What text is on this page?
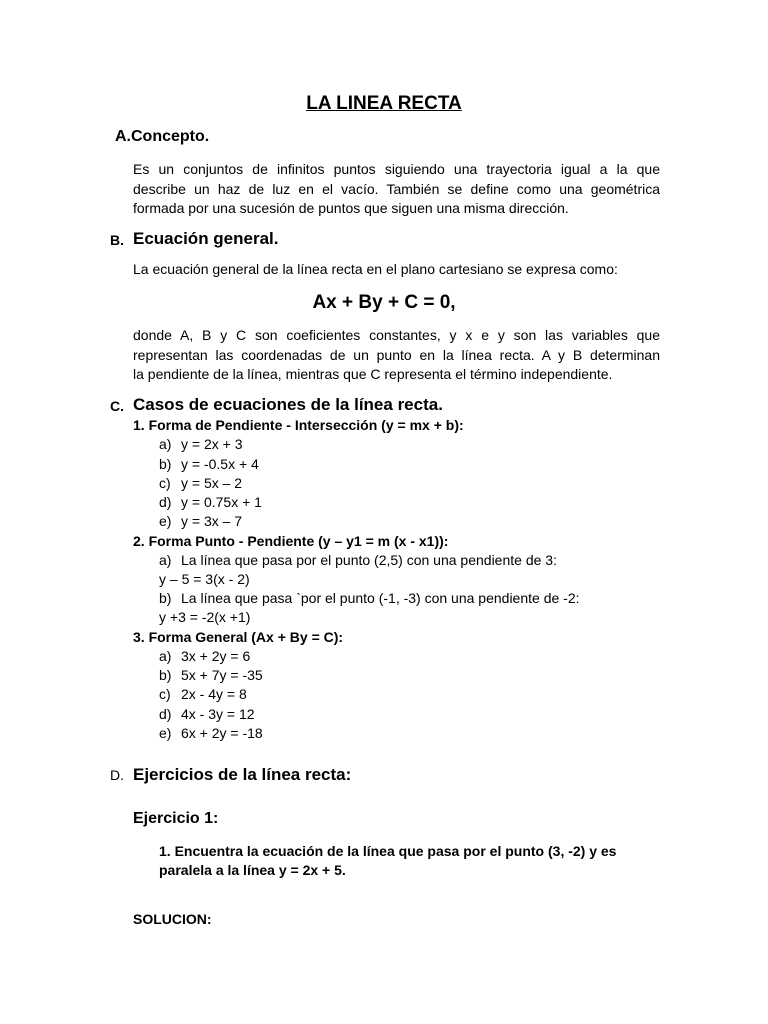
LA LINEA RECTA
A.Concepto.
Es un conjuntos de infinitos puntos siguiendo una trayectoria igual a la que
describe un haz de luz en el vacío. También se define como una geométrica
formada por una sucesión de puntos que siguen una misma dirección.
B. Ecuación general.
La ecuación general de la línea recta en el plano cartesiano se expresa como:
Ax + By + C = 0,
donde A, B y C son coeficientes constantes, y x e y son las variables que
representan las coordenadas de un punto en la línea recta. A y B determinan
la pendiente de la línea, mientras que C representa el término independiente.
C. Casos de ecuaciones de la línea recta.
1. Forma de Pendiente - Intersección (y = mx + b):
a) y = 2x + 3
b) y = -0.5x + 4
c) y = 5x – 2
d) y = 0.75x + 1
e) y = 3x – 7
2. Forma Punto - Pendiente (y – y1 = m (x - x1)):
a) La línea que pasa por el punto (2,5) con una pendiente de 3:
y – 5 = 3(x - 2)
b) La línea que pasa `por el punto (-1, -3) con una pendiente de -2:
y +3 = -2(x +1)
3. Forma General (Ax + By = C):
a) 3x + 2y = 6
b) 5x + 7y = -35
c) 2x - 4y = 8
d) 4x - 3y = 12
e) 6x + 2y = -18
D. Ejercicios de la línea recta:
Ejercicio 1:
1. Encuentra la ecuación de la línea que pasa por el punto (3, -2) y es
paralela a la línea y = 2x + 5.
SOLUCION:
